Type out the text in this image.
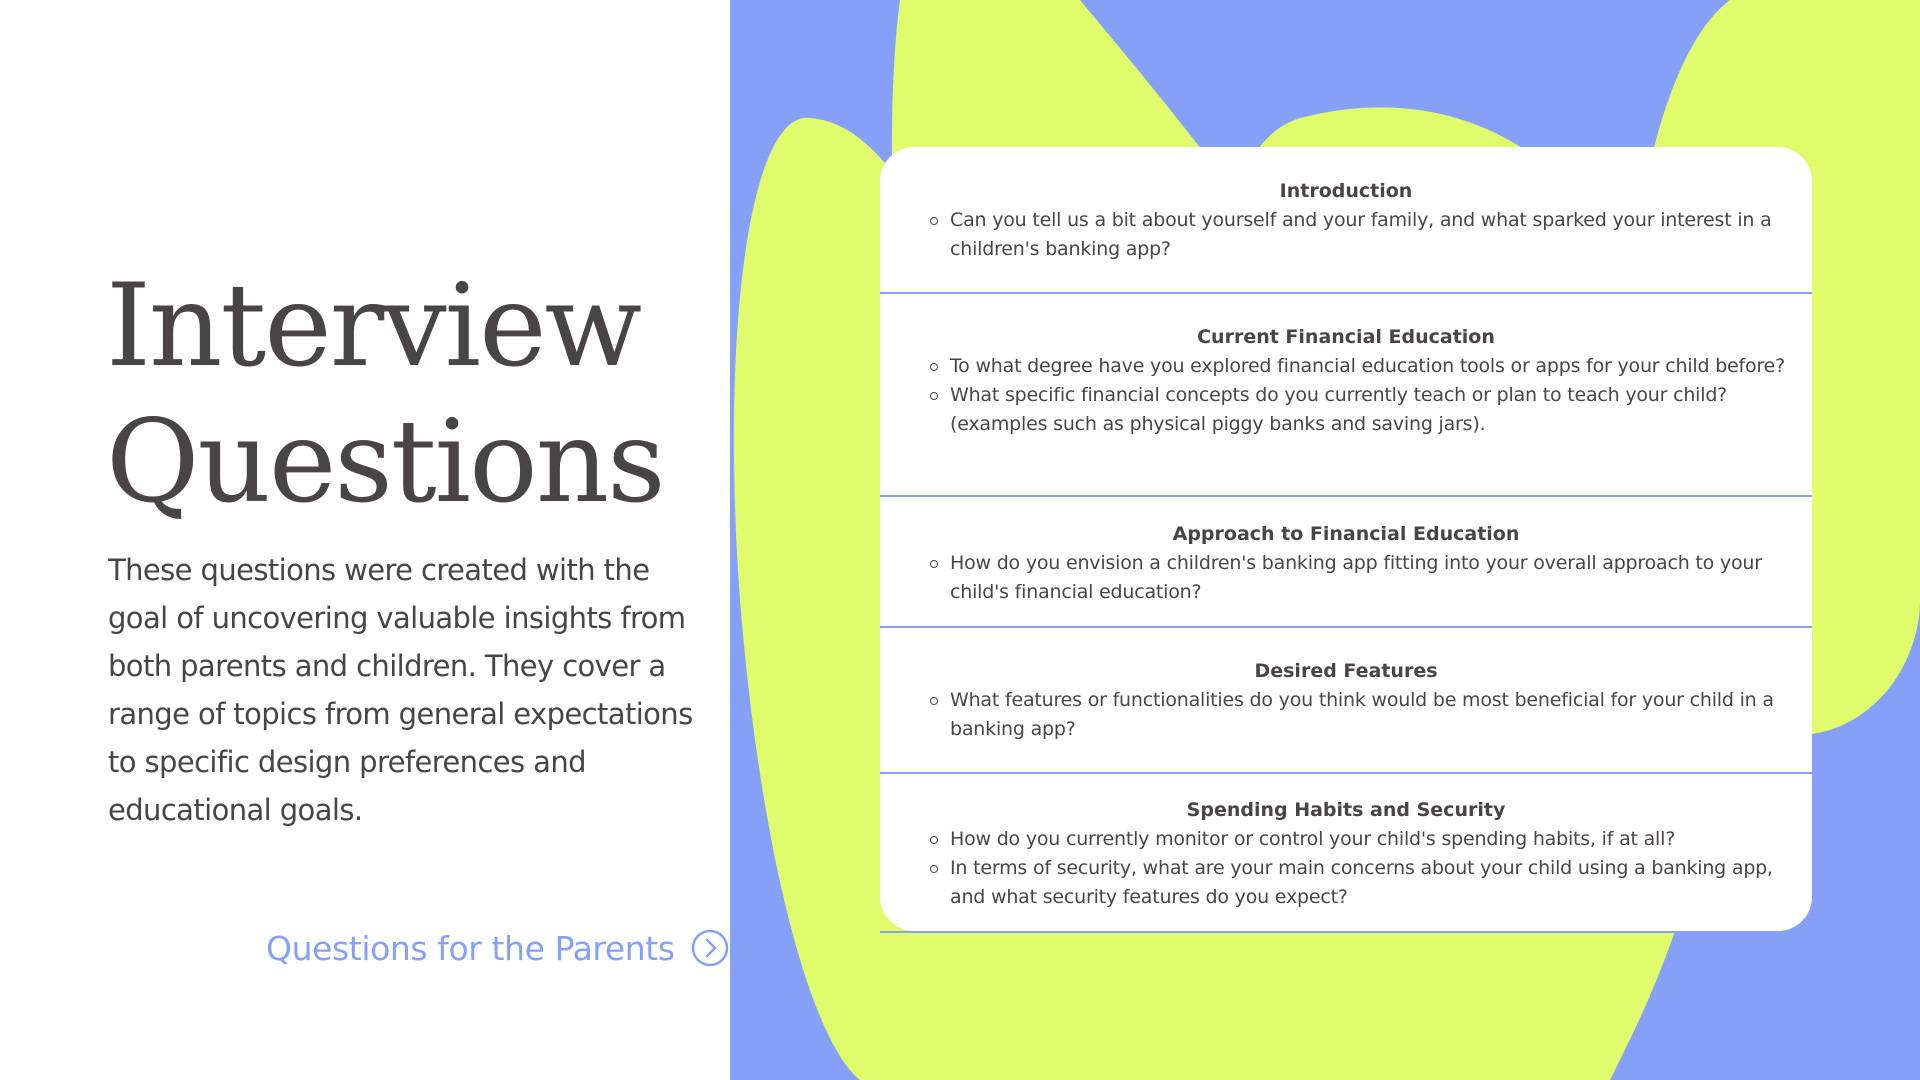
Interview
Questions

These questions were created with the goal of uncovering valuable insights from both parents and children. They cover a range of topics from general expectations to specific design preferences and educational goals.

Questions for the Parents
Introduction
Can you tell us a bit about yourself and your family, and what sparked your interest in a children's banking app?
Current Financial Education
To what degree have you explored financial education tools or apps for your child before?
What specific financial concepts do you currently teach or plan to teach your child? (examples such as physical piggy banks and saving jars).
Approach to Financial Education
How do you envision a children's banking app fitting into your overall approach to your child's financial education?
Desired Features
What features or functionalities do you think would be most beneficial for your child in a banking app?
Spending Habits and Security
How do you currently monitor or control your child's spending habits, if at all?
In terms of security, what are your main concerns about your child using a banking app, and what security features do you expect?
